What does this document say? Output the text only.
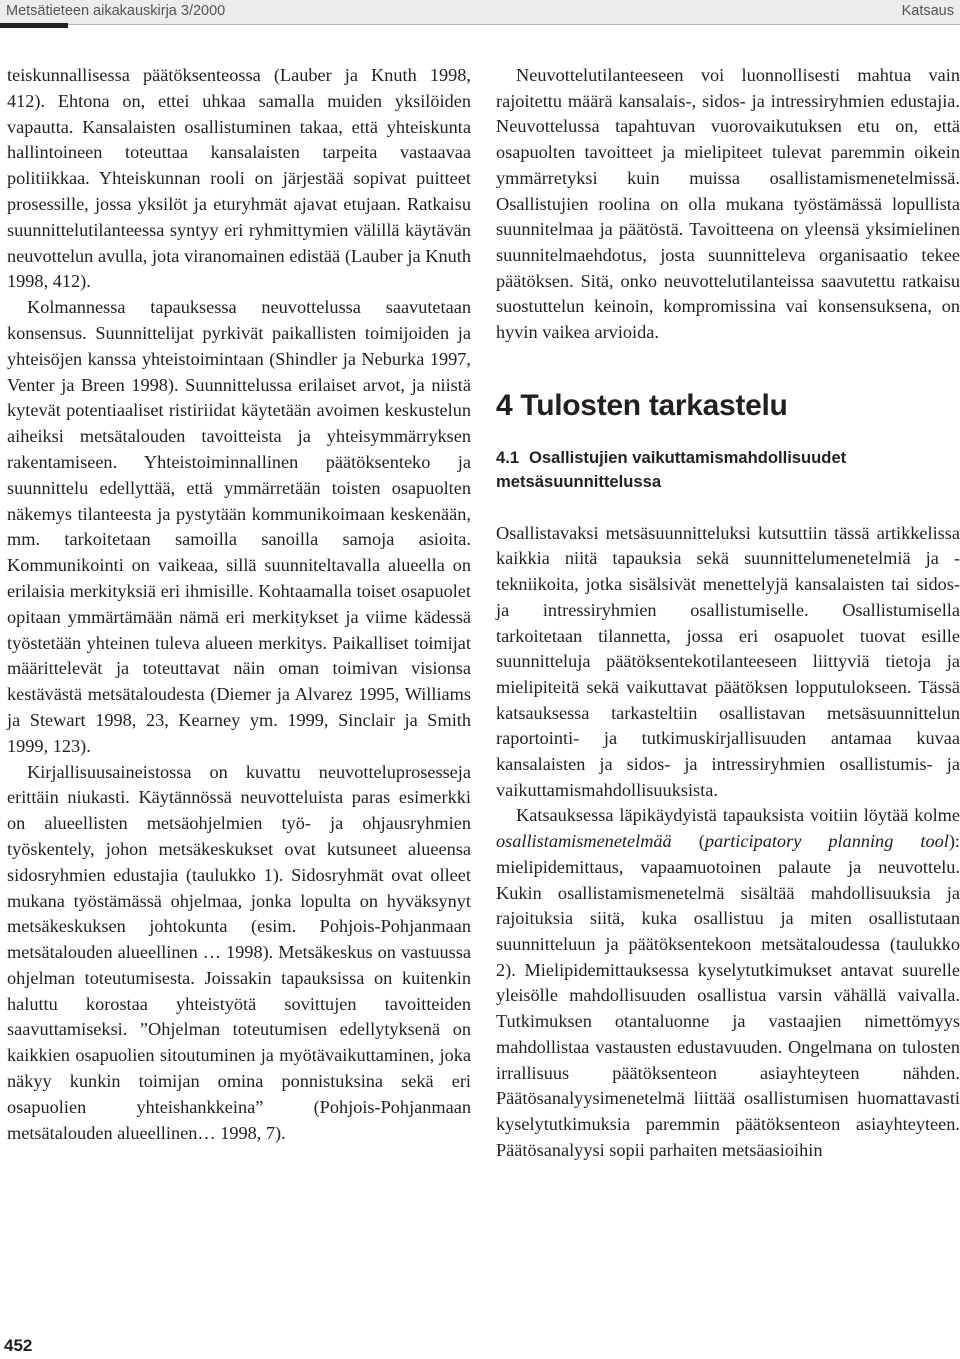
Metsätieteen aikakauskirja 3/2000	Katsaus

teiskunnallisessa päätöksenteossa (Lauber ja Knuth 1998, 412). Ehtona on, ettei uhkaa samalla muiden yksilöiden vapautta. Kansalaisten osallistuminen takaa, että yhteiskunta hallintoineen toteuttaa kansalaisten tarpeita vastaavaa politiikkaa. Yhteiskunnan rooli on järjestää sopivat puitteet prosessille, jossa yksilöt ja eturyhmät ajavat etujaan. Ratkaisu suunnittelutilanteessa syntyy eri ryhmittymien välillä käytävän neuvottelun avulla, jota viranomainen edistää (Lauber ja Knuth 1998, 412).

Kolmannessa tapauksessa neuvottelussa saavutetaan konsensus. Suunnittelijat pyrkivät paikallisten toimijoiden ja yhteisöjen kanssa yhteistoimintaan (Shindler ja Neburka 1997, Venter ja Breen 1998). Suunnittelussa erilaiset arvot, ja niistä kytevät potentiaaliset ristiriidat käytetään avoimen keskustelun aiheiksi metsätalouden tavoitteista ja yhteisymmärryksen rakentamiseen. Yhteistoiminnallinen päätöksenteko ja suunnittelu edellyttää, että ymmärretään toisten osapuolten näkemys tilanteesta ja pystytään kommunikoimaan keskenään, mm. tarkoitetaan samoilla sanoilla samoja asioita. Kommunikointi on vaikeaa, sillä suunniteltavalla alueella on erilaisia merkityksiä eri ihmisille. Kohtaamalla toiset osapuolet opitaan ymmärtämään nämä eri merkitykset ja viime kädessä työstetään yhteinen tuleva alueen merkitys. Paikalliset toimijat määrittelevät ja toteuttavat näin oman toimivan visionsa kestävästä metsätaloudesta (Diemer ja Alvarez 1995, Williams ja Stewart 1998, 23, Kearney ym. 1999, Sinclair ja Smith 1999, 123).

Kirjallisuusaineistossa on kuvattu neuvotteluprosesseja erittäin niukasti. Käytännössä neuvotteluista paras esimerkki on alueellisten metsäohjelmien työ- ja ohjausryhmien työskentely, johon metsäkeskukset ovat kutsuneet alueensa sidosryhmien edustajia (taulukko 1). Sidosryhmät ovat olleet mukana työstämässä ohjelmaa, jonka lopulta on hyväksynyt metsäkeskuksen johtokunta (esim. Pohjois-Pohjanmaan metsätalouden alueellinen … 1998). Metsäkeskus on vastuussa ohjelman toteutumisesta. Joissakin tapauksissa on kuitenkin haluttu korostaa yhteistyötä sovittujen tavoitteiden saavuttamiseksi. ”Ohjelman toteutumisen edellytyksenä on kaikkien osapuolien sitoutuminen ja myötävaikuttaminen, joka näkyy kunkin toimijan omina ponnistuksina sekä eri osapuolien yhteishankkeina” (Pohjois-Pohjanmaan metsätalouden alueellinen… 1998, 7).

Neuvottelutilanteeseen voi luonnollisesti mahtua vain rajoitettu määrä kansalais-, sidos- ja intressiryhmien edustajia. Neuvottelussa tapahtuvan vuorovaikutuksen etu on, että osapuolten tavoitteet ja mielipiteet tulevat paremmin oikein ymmärretyksi kuin muissa osallistamismenetelmissä. Osallistujien roolina on olla mukana työstämässä lopullista suunnitelmaa ja päätöstä. Tavoitteena on yleensä yksimielinen suunnitelmaehdotus, josta suunnitteleva organisaatio tekee päätöksen. Sitä, onko neuvottelutilanteissa saavutettu ratkaisu suostuttelun keinoin, kompromissina vai konsensuksena, on hyvin vaikea arvioida.

4 Tulosten tarkastelu
4.1 Osallistujien vaikuttamismahdollisuudet metsäsuunnittelussa

Osallistavaksi metsäsuunnitteluksi kutsuttiin tässä artikkelissa kaikkia niitä tapauksia sekä suunnittelumenetelmiä ja -tekniikoita, jotka sisälsivät menettelyjä kansalaisten tai sidos- ja intressiryhmien osallistumiselle. Osallistumisella tarkoitetaan tilannetta, jossa eri osapuolet tuovat esille suunnitteluja päätöksentekotilanteeseen liittyviä tietoja ja mielipiteitä sekä vaikuttavat päätöksen lopputulokseen. Tässä katsauksessa tarkasteltiin osallistavan metsäsuunnittelun raportointi- ja tutkimuskirjallisuuden antamaa kuvaa kansalaisten ja sidos- ja intressiryhmien osallistumis- ja vaikuttamismahdollisuuksista.

Katsauksessa läpikäydyistä tapauksista voitiin löytää kolme osallistamismenetelmää (participatory planning tool): mielipidemittaus, vapaamuotoinen palaute ja neuvottelu. Kukin osallistamismenetelmä sisältää mahdollisuuksia ja rajoituksia siitä, kuka osallistuu ja miten osallistutaan suunnitteluun ja päätöksentekoon metsätaloudessa (taulukko 2). Mielipidemittauksessa kyselytutkimukset antavat suurelle yleisölle mahdollisuuden osallistua varsin vähällä vaivalla. Tutkimuksen otantaluonne ja vastaajien nimettömyys mahdollistaa vastausten edustavuuden. Ongelmana on tulosten irrallisuus päätöksenteon asiayhteyteen nähden. Päätösanalyysimenetelmä liittää osallistumisen huomattavasti kyselytutkimuksia paremmin päätöksenteon asiayhteyteen. Päätösanalyysi sopii parhaiten metsäasioihin

452
